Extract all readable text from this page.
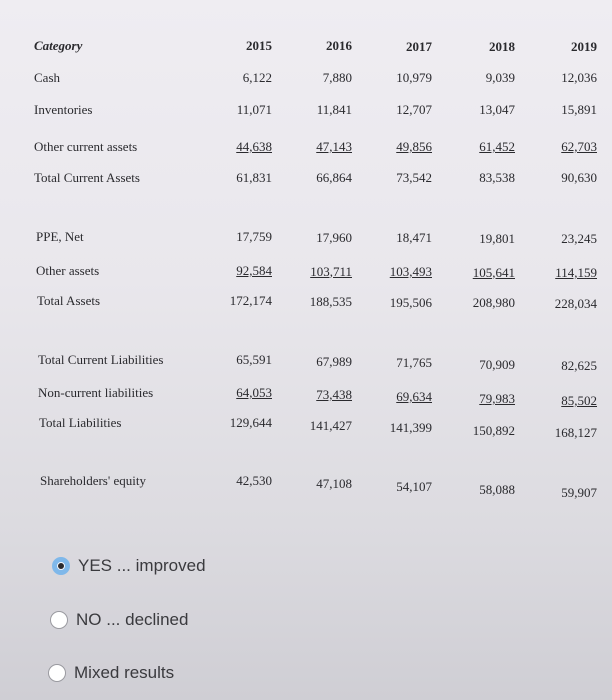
Category	2015	2016	2017	2018	2019
Cash	6,122	7,880	10,979	9,039	12,036
Inventories	11,071	11,841	12,707	13,047	15,891
Other current assets	44,638	47,143	49,856	61,452	62,703
Total Current Assets	61,831	66,864	73,542	83,538	90,630
PPE, Net	17,759	17,960	18,471	19,801	23,245
Other assets	92,584	103,711	103,493	105,641	114,159
Total Assets	172,174	188,535	195,506	208,980	228,034
Total Current Liabilities	65,591	67,989	71,765	70,909	82,625
Non-current liabilities	64,053	73,438	69,634	79,983	85,502
Total Liabilities	129,644	141,427	141,399	150,892	168,127
Shareholders' equity	42,530	47,108	54,107	58,088	59,907
YES ... improved
NO ... declined
Mixed results
